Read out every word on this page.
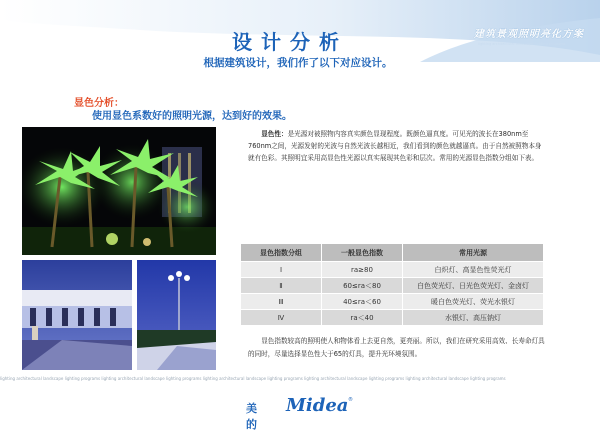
设计分析
根据建筑设计，我们作了以下对应设计。
建筑景观照明亮化方案
lighting architectural landscape lighting programs
显色分析：
使用显色系数好的照明光源，达到好的效果。

显色性：是光源对被照物内容真实颜色显现程度。既颜色逼真度。可见光的波长在380nm至760nm之间，光源发射的光波与自然光波长越相近，我们看到的颜色就越逼真。由于自然被照物本身就有色彩。其照明宜采用高显色性光源以真实展现其色彩和层次。常用的光源显色指数分组如下表。

显色指数分组	一般显色指数	常用光源
Ⅰ	ra≥80	白炽灯、高显色性荧光灯
Ⅱ	60≤ra＜80	白色荧光灯、日光色荧光灯、金卤灯
Ⅲ	40≤ra＜60	暖白色荧光灯、荧光水银灯
Ⅳ	ra＜40	水银灯、高压钠灯

显色指数较高的照明使人和物体看上去更自然，更亮丽。所以，我们在研究采用高效、长寿命灯具的同时，尽量选择显色性大于65的灯具，提升光环境氛围。

lighting architectural landscape lighting programs lighting architectural landscape lighting programs lighting architectural landscape lighting programs lighting architectural landscape lighting programs lighting architectural landscape lighting programs
美的
Midea ®
